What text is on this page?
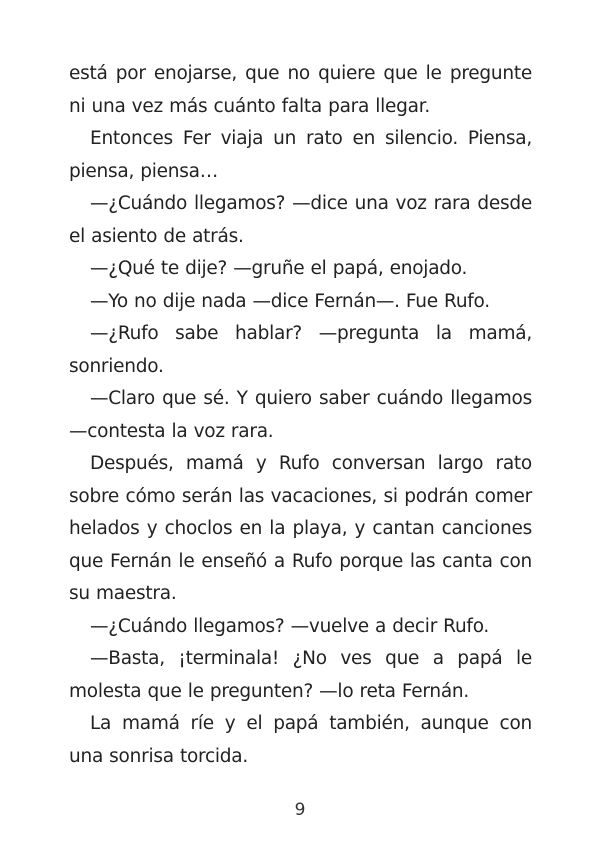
está por enojarse, que no quiere que le pregunte ni una vez más cuánto falta para llegar.

Entonces Fer viaja un rato en silencio. Piensa, piensa, piensa…

—¿Cuándo llegamos? —dice una voz rara desde el asiento de atrás.

—¿Qué te dije? —gruñe el papá, enojado.

—Yo no dije nada —dice Fernán—. Fue Rufo.

—¿Rufo sabe hablar? —pregunta la mamá, sonriendo.

—Claro que sé. Y quiero saber cuándo llegamos —contesta la voz rara.

Después, mamá y Rufo conversan largo rato sobre cómo serán las vacaciones, si podrán comer helados y choclos en la playa, y cantan canciones que Fernán le enseñó a Rufo porque las canta con su maestra.

—¿Cuándo llegamos? —vuelve a decir Rufo.

—Basta, ¡terminala! ¿No ves que a papá le molesta que le pregunten? —lo reta Fernán.

La mamá ríe y el papá también, aunque con una sonrisa torcida.

9
